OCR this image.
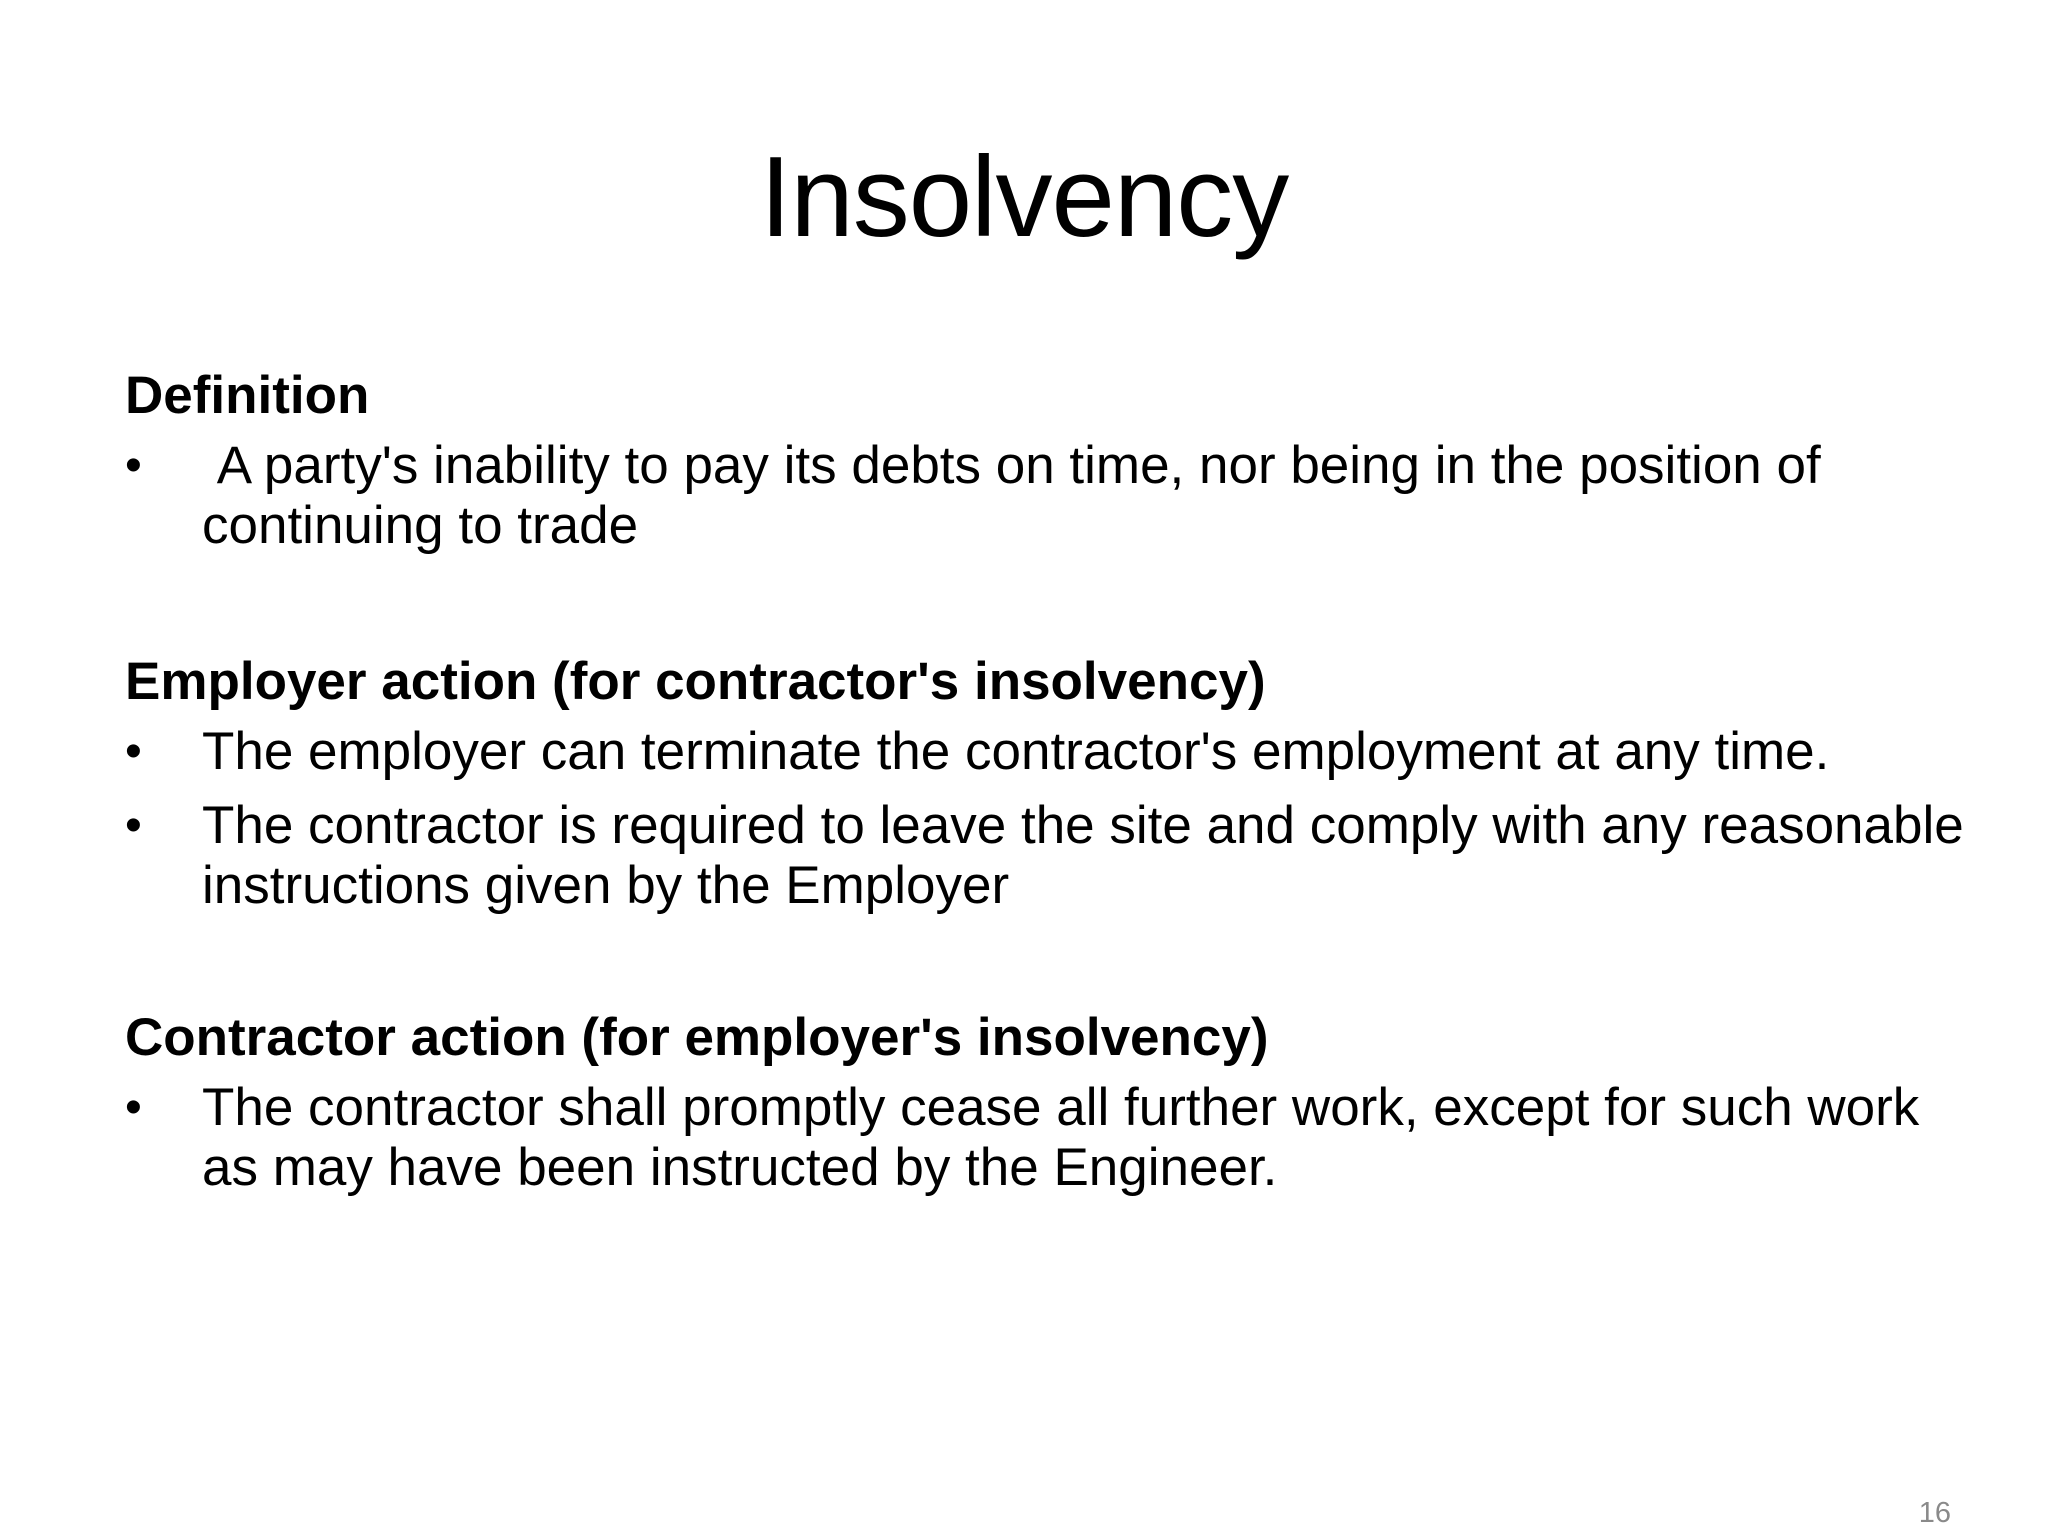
Insolvency
Definition
•	A party's inability to pay its debts on time, nor being in the position of continuing to trade
Employer action (for contractor's insolvency)
•	The employer can terminate the contractor's employment at any time.
•	The contractor is required to leave the site and comply with any reasonable instructions given by the Employer
Contractor action (for employer's insolvency)
•	The contractor shall promptly cease all further work, except for such work as may have been instructed by the Engineer.
16
